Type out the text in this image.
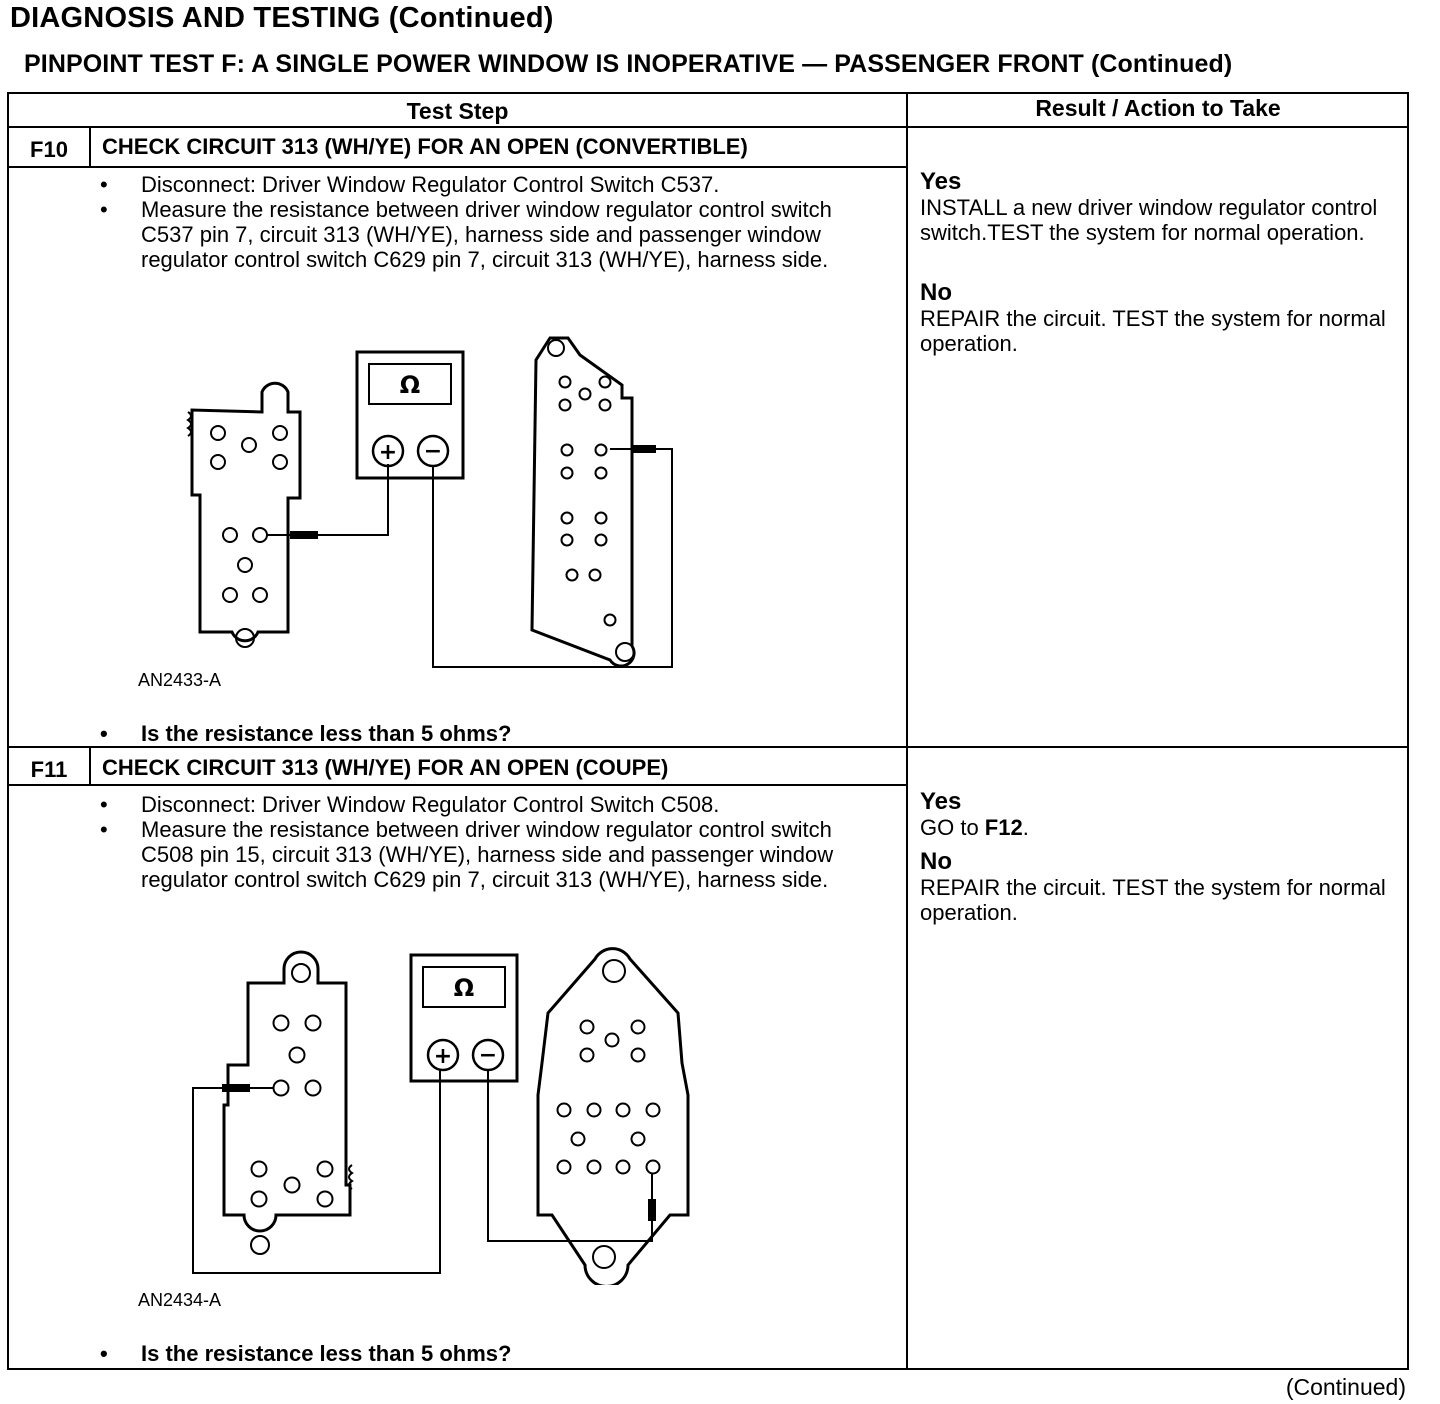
DIAGNOSIS AND TESTING (Continued)
PINPOINT TEST F: A SINGLE POWER WINDOW IS INOPERATIVE — PASSENGER FRONT (Continued)
Test Step	Result / Action to Take
F10	CHECK CIRCUIT 313 (WH/YE) FOR AN OPEN (CONVERTIBLE)
• Disconnect: Driver Window Regulator Control Switch C537.
• Measure the resistance between driver window regulator control switch C537 pin 7, circuit 313 (WH/YE), harness side and passenger window regulator control switch C629 pin 7, circuit 313 (WH/YE), harness side.
Ω
+ −
AN2433-A
• Is the resistance less than 5 ohms?
Yes
INSTALL a new driver window regulator control switch.TEST the system for normal operation.
No
REPAIR the circuit. TEST the system for normal operation.
F11	CHECK CIRCUIT 313 (WH/YE) FOR AN OPEN (COUPE)
• Disconnect: Driver Window Regulator Control Switch C508.
• Measure the resistance between driver window regulator control switch C508 pin 15, circuit 313 (WH/YE), harness side and passenger window regulator control switch C629 pin 7, circuit 313 (WH/YE), harness side.
Ω
+ −
AN2434-A
• Is the resistance less than 5 ohms?
Yes
GO to F12.
No
REPAIR the circuit. TEST the system for normal operation.
(Continued)
